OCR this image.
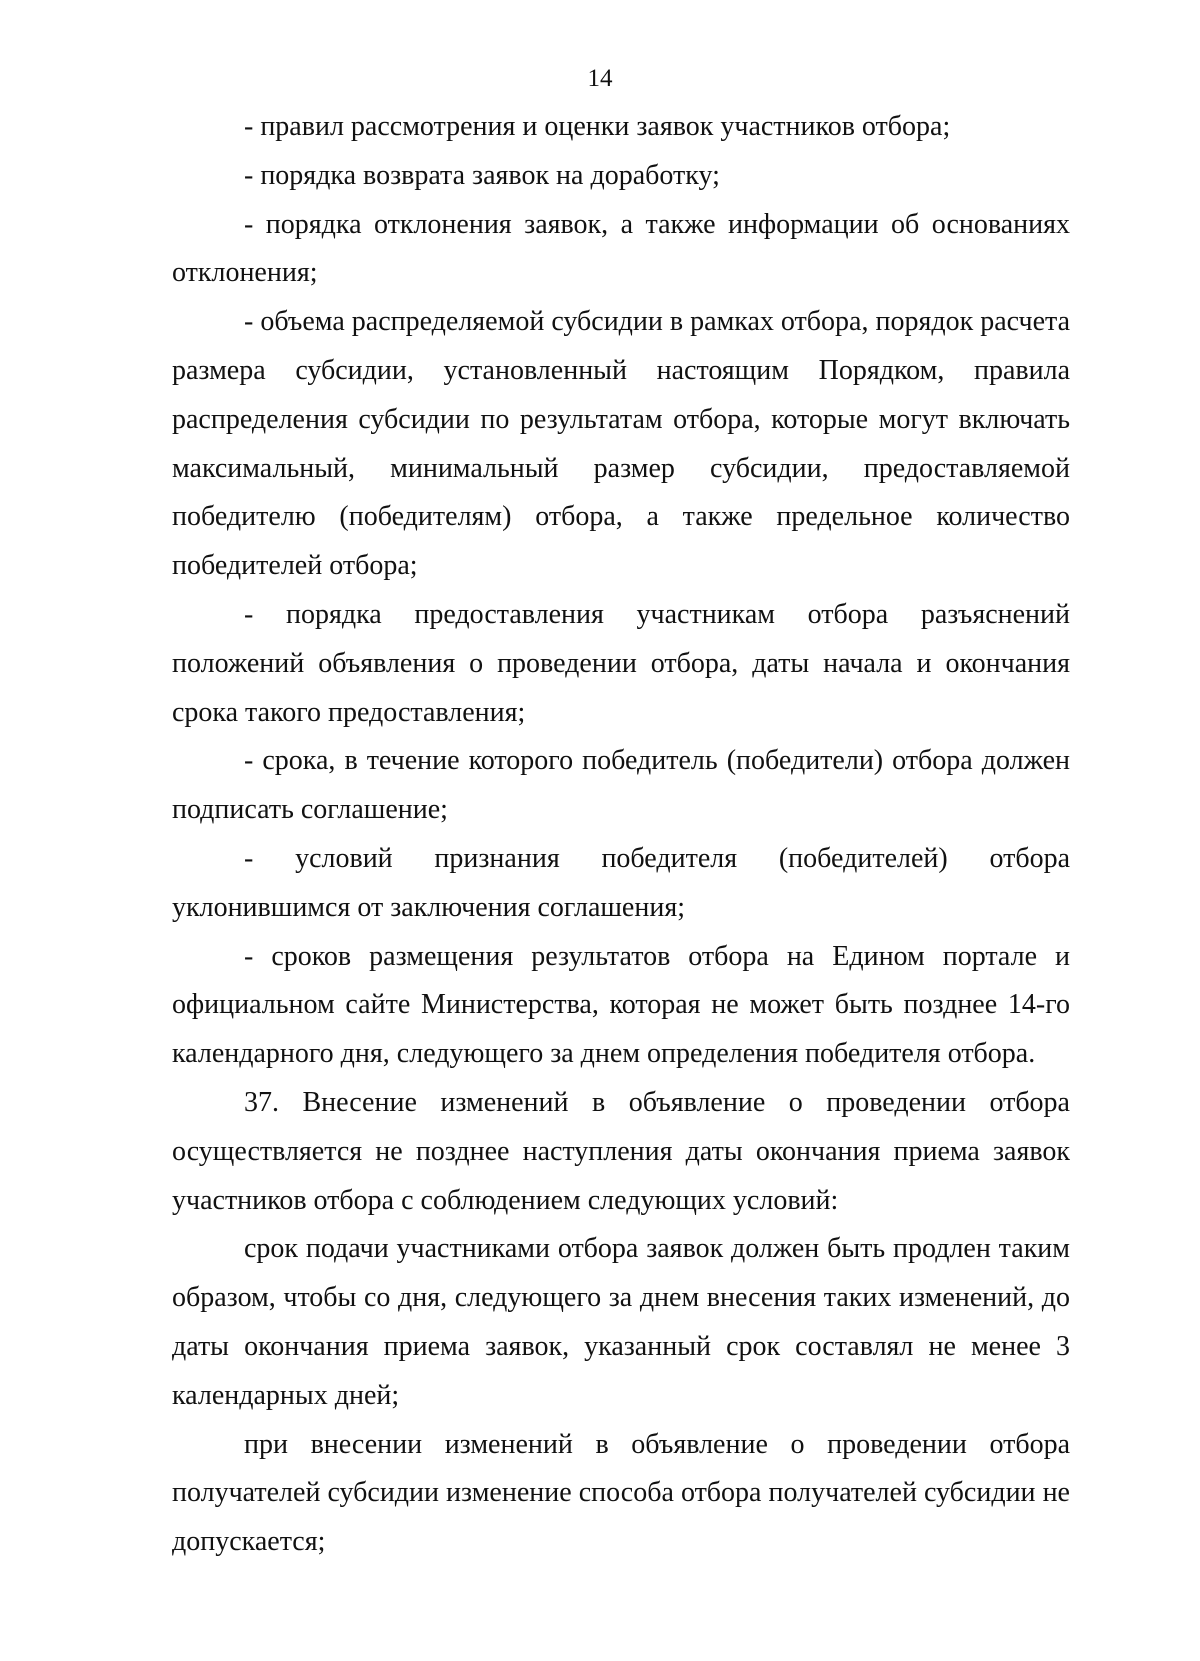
14

- правил рассмотрения и оценки заявок участников отбора;

- порядка возврата заявок на доработку;

- порядка отклонения заявок, а также информации об основаниях отклонения;

- объема распределяемой субсидии в рамках отбора, порядок расчета размера субсидии, установленный настоящим Порядком, правила распределения субсидии по результатам отбора, которые могут включать максимальный, минимальный размер субсидии, предоставляемой победителю (победителям) отбора, а также предельное количество победителей отбора;

- порядка предоставления участникам отбора разъяснений положений объявления о проведении отбора, даты начала и окончания срока такого предоставления;

- срока, в течение которого победитель (победители) отбора должен подписать соглашение;

- условий признания победителя (победителей) отбора уклонившимся от заключения соглашения;

- сроков размещения результатов отбора на Едином портале и официальном сайте Министерства, которая не может быть позднее 14-го календарного дня, следующего за днем определения победителя отбора.

37. Внесение изменений в объявление о проведении отбора осуществляется не позднее наступления даты окончания приема заявок участников отбора с соблюдением следующих условий:

срок подачи участниками отбора заявок должен быть продлен таким образом, чтобы со дня, следующего за днем внесения таких изменений, до даты окончания приема заявок, указанный срок составлял не менее 3 календарных дней;

при внесении изменений в объявление о проведении отбора получателей субсидии изменение способа отбора получателей субсидии не допускается;
